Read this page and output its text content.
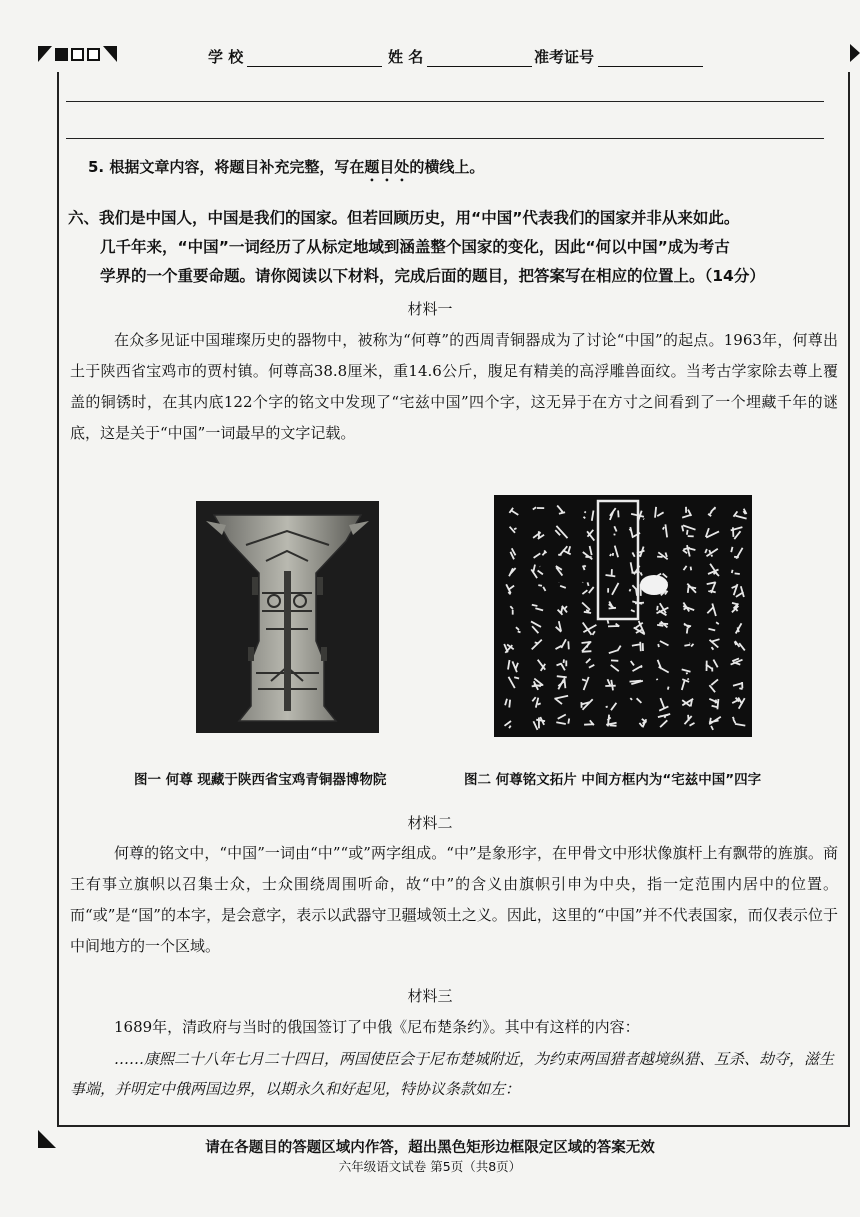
学 校	姓 名	准考证号
5. 根据文章内容，将题目补充完整，写在题目处的横线上。
六、我们是中国人，中国是我们的国家。但若回顾历史，用“中国”代表我们的国家并非从来如此。
几千年来，“中国”一词经历了从标定地域到涵盖整个国家的变化，因此“何以中国”成为考古
学界的一个重要命题。请你阅读以下材料，完成后面的题目，把答案写在相应的位置上。（14分）
材料一
在众多见证中国璀璨历史的器物中，被称为“何尊”的西周青铜器成为了讨论“中国”的起点。1963年，何尊出土于陕西省宝鸡市的贾村镇。何尊高38.8厘米，重14.6公斤，腹足有精美的高浮雕兽面纹。当考古学家除去尊上覆盖的铜锈时，在其内底122个字的铭文中发现了“宅兹中国”四个字，这无异于在方寸之间看到了一个埋藏千年的谜底，这是关于“中国”一词最早的文字记载。
图一 何尊 现藏于陕西省宝鸡青铜器博物院	图二 何尊铭文拓片 中间方框内为“宅兹中国”四字
材料二
何尊的铭文中，“中国”一词由“中”“或”两字组成。“中”是象形字，在甲骨文中形状像旗杆上有飘带的旌旗。商王有事立旗帜以召集士众，士众围绕周围听命，故“中”的含义由旗帜引申为中央，指一定范围内居中的位置。而“或”是“国”的本字，是会意字，表示以武器守卫疆域领土之义。因此，这里的“中国”并不代表国家，而仅表示位于中间地方的一个区域。
材料三
1689年，清政府与当时的俄国签订了中俄《尼布楚条约》。其中有这样的内容：
……康熙二十八年七月二十四日，两国使臣会于尼布楚城附近，为约束两国猎者越境纵猎、互杀、劫夺，滋生事端，并明定中俄两国边界，以期永久和好起见，特协议条款如左：
请在各题目的答题区域内作答，超出黑色矩形边框限定区域的答案无效
六年级语文试卷 第5页（共8页）
